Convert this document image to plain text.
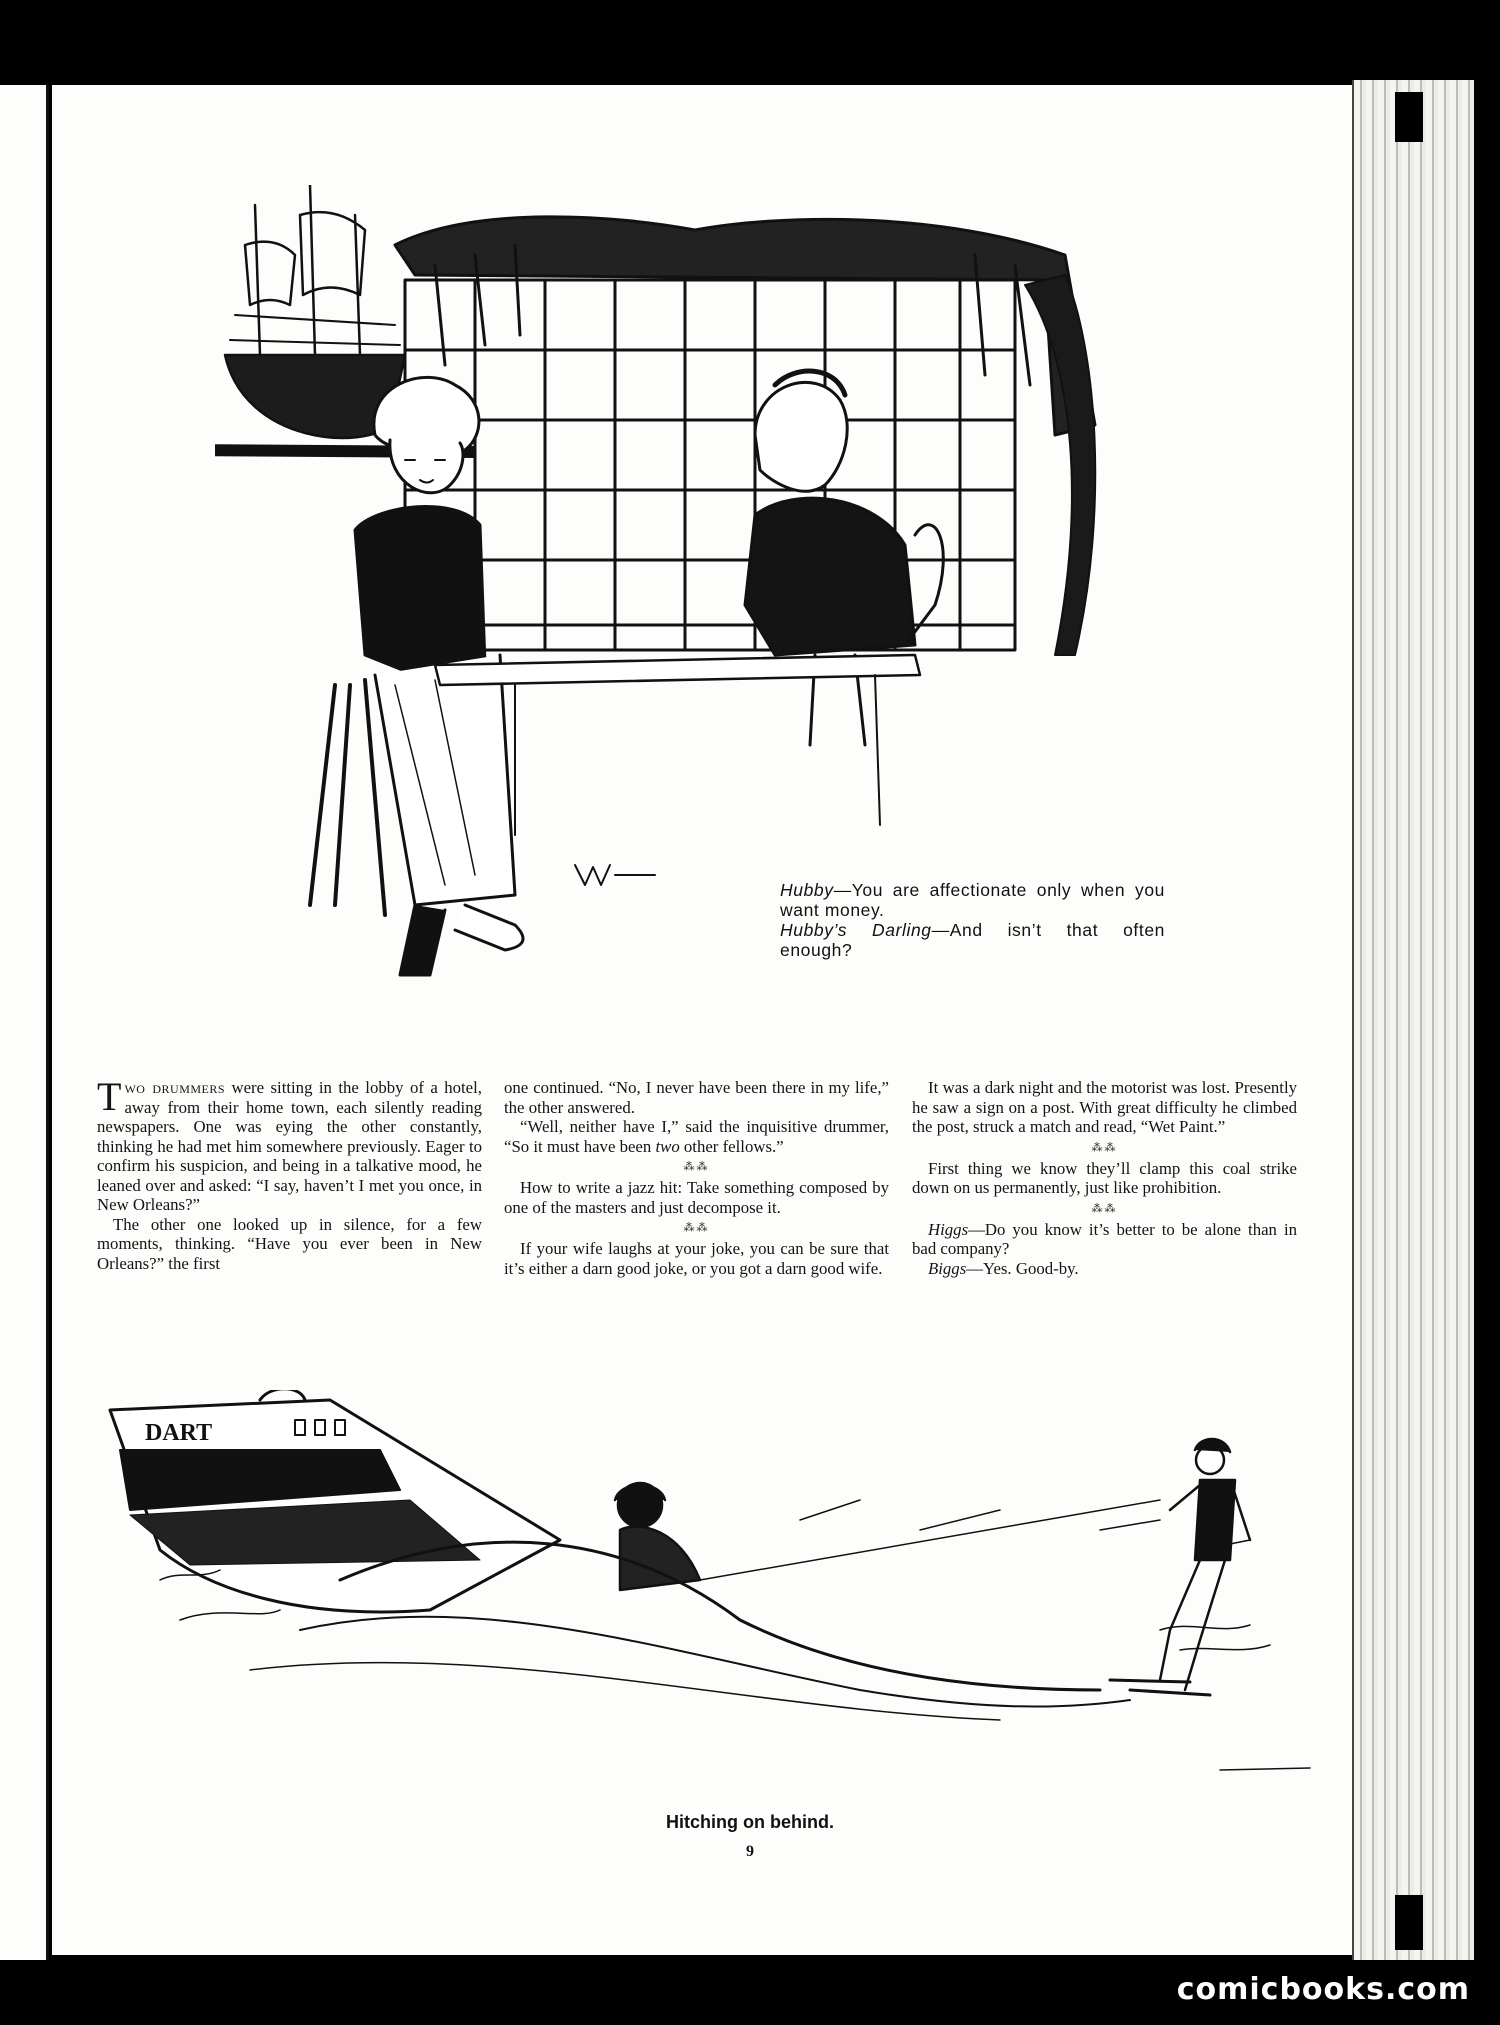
Hubby—You are affectionate only when you want money.

Hubby’s Darling—And isn’t that often enough?

Two drummers were sitting in the lobby of a hotel, away from their home town, each silently reading newspapers. One was eying the other constantly, thinking he had met him somewhere previously. Eager to confirm his suspicion, and being in a talkative mood, he leaned over and asked: “I say, haven’t I met you once, in New Orleans?”

The other one looked up in silence, for a few moments, thinking. “Have you ever been in New Orleans?” the first

one continued. “No, I never have been there in my life,” the other answered.

“Well, neither have I,” said the inquisitive drummer, “So it must have been two other fellows.”

⁂⁂

How to write a jazz hit: Take something composed by one of the masters and just decompose it.

⁂⁂

If your wife laughs at your joke, you can be sure that it’s either a darn good joke, or you got a darn good wife.

It was a dark night and the motorist was lost. Presently he saw a sign on a post. With great difficulty he climbed the post, struck a match and read, “Wet Paint.”

⁂⁂

First thing we know they’ll clamp this coal strike down on us permanently, just like prohibition.

⁂⁂

Higgs—Do you know it’s better to be alone than in bad company?

Biggs—Yes. Good-by.

DART
Hitching on behind.
9
comicbooks.com
